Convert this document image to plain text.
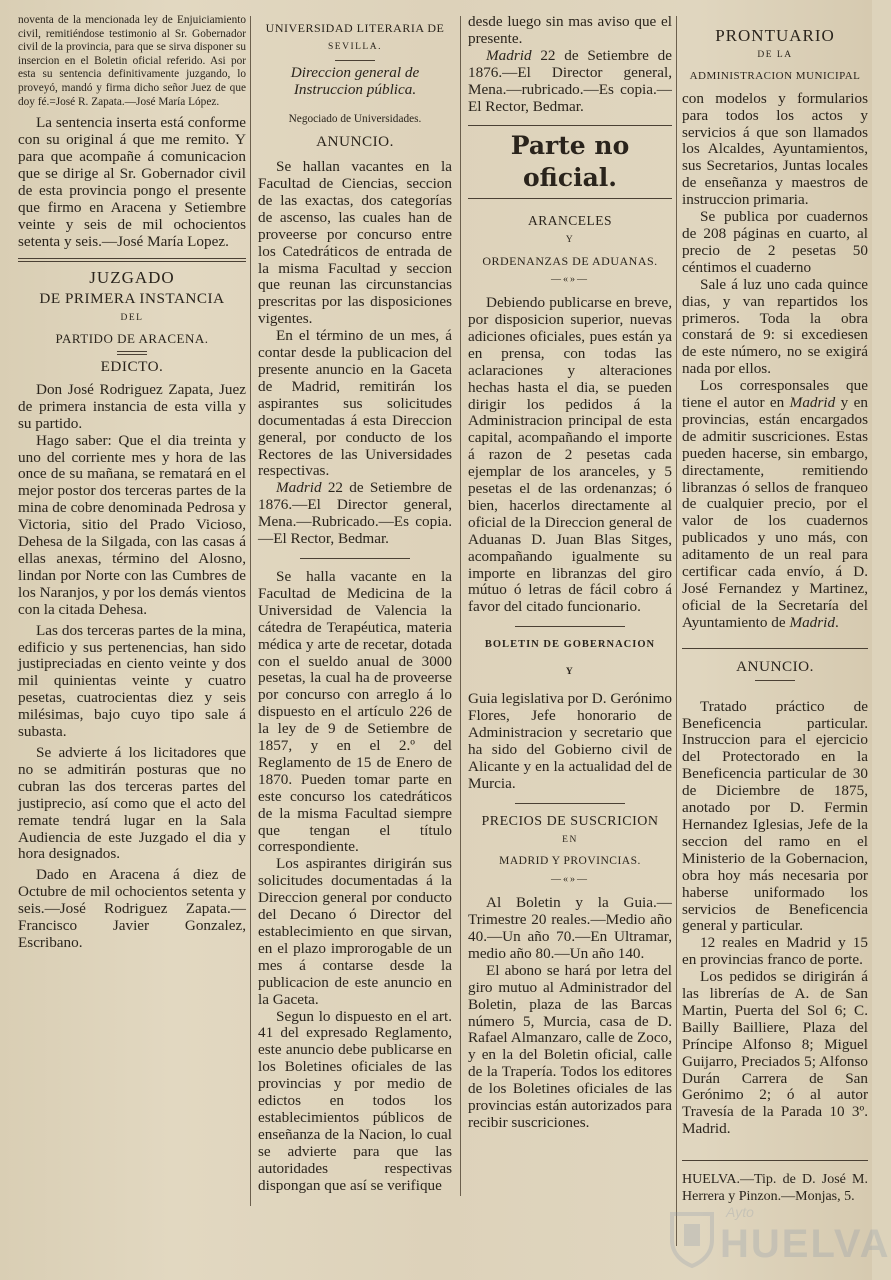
noventa de la mencionada ley de Enjuiciamiento civil, remitiéndose testimonio al Sr. Gobernador civil de la provincia, para que se sirva disponer su insercion en el Boletin oficial referido. Asi por esta su sentencia definitivamente juzgando, lo proveyó, mandó y firma dicho señor Juez de que doy fé.=José R. Zapata.—José María López.

La sentencia inserta está conforme con su original á que me remito. Y para que acompañe á comunicacion que se dirige al Sr. Gobernador civil de esta provincia pongo el presente que firmo en Aracena y Setiembre veinte y seis de mil ochocientos setenta y seis.—José María Lopez.

JUZGADO

DE PRIMERA INSTANCIA

DEL

PARTIDO DE ARACENA.

EDICTO.

Don José Rodriguez Zapata, Juez de primera instancia de esta villa y su partido.

Hago saber: Que el dia treinta y uno del corriente mes y hora de las once de su mañana, se rematará en el mejor postor dos terceras partes de la mina de cobre denominada Pedrosa y Victoria, sitio del Prado Vicioso, Dehesa de la Silgada, con las casas á ellas anexas, término del Alosno, lindan por Norte con las Cumbres de los Naranjos, y por los demás vientos con la citada Dehesa.

Las dos terceras partes de la mina, edificio y sus pertenencias, han sido justipreciadas en ciento veinte y dos mil quinientas veinte y cuatro pesetas, cuatrocientas diez y seis milésimas, bajo cuyo tipo sale á subasta.

Se advierte á los licitadores que no se admitirán posturas que no cubran las dos terceras partes del justiprecio, así como que el acto del remate tendrá lugar en la Sala Audiencia de este Juzgado el dia y hora designados.

Dado en Aracena á diez de Octubre de mil ochocientos setenta y seis.—José Rodriguez Zapata.—Francisco Javier Gonzalez, Escribano.

UNIVERSIDAD LITERARIA DE

SEVILLA.

Direccion general de Instruccion pública.

Negociado de Universidades.

ANUNCIO.

Se hallan vacantes en la Facultad de Ciencias, seccion de las exactas, dos categorías de ascenso, las cuales han de proveerse por concurso entre los Catedráticos de entrada de la misma Facultad y seccion que reunan las circunstancias prescritas por las disposiciones vigentes.

En el término de un mes, á contar desde la publicacion del presente anuncio en la Gaceta de Madrid, remitirán los aspirantes sus solicitudes documentadas á esta Direccion general, por conducto de los Rectores de las Universidades respectivas.

Madrid 22 de Setiembre de 1876.—El Director general, Mena.—Rubricado.—Es copia.—El Rector, Bedmar.

Se halla vacante en la Facultad de Medicina de la Universidad de Valencia la cátedra de Terapéutica, materia médica y arte de recetar, dotada con el sueldo anual de 3000 pesetas, la cual ha de proveerse por concurso con arreglo á lo dispuesto en el artículo 226 de la ley de 9 de Setiembre de 1857, y en el 2.º del Reglamento de 15 de Enero de 1870. Pueden tomar parte en este concurso los catedráticos de la misma Facultad siempre que tengan el título correspondiente.

Los aspirantes dirigirán sus solicitudes documentadas á la Direccion general por conducto del Decano ó Director del establecimiento en que sirvan, en el plazo improrogable de un mes á contarse desde la publicacion de este anuncio en la Gaceta.

Segun lo dispuesto en el art. 41 del expresado Reglamento, este anuncio debe publicarse en los Boletines oficiales de las provincias y por medio de edictos en todos los establecimientos públicos de enseñanza de la Nacion, lo cual se advierte para que las autoridades respectivas dispongan que así se verifique

desde luego sin mas aviso que el presente.

Madrid 22 de Setiembre de 1876.—El Director general, Mena.—rubricado.—Es copia.—El Rector, Bedmar.

Parte no oficial.

ARANCELES

Y

ORDENANZAS DE ADUANAS.

—«»—

Debiendo publicarse en breve, por disposicion superior, nuevas adiciones oficiales, pues están ya en prensa, con todas las aclaraciones y alteraciones hechas hasta el dia, se pueden dirigir los pedidos á la Administracion principal de esta capital, acompañando el importe á razon de 2 pesetas cada ejemplar de los aranceles, y 5 pesetas el de las ordenanzas; ó bien, hacerlos directamente al oficial de la Direccion general de Aduanas D. Juan Blas Sitges, acompañando igualmente su importe en libranzas del giro mútuo ó letras de fácil cobro á favor del citado funcionario.

BOLETIN DE GOBERNACION

Y

Guia legislativa por D. Gerónimo Flores, Jefe honorario de Administracion y secretario que ha sido del Gobierno civil de Alicante y en la actualidad del de Murcia.

PRECIOS DE SUSCRICION

EN

MADRID Y PROVINCIAS.

—«»—

Al Boletin y la Guia.—Trimestre 20 reales.—Medio año 40.—Un año 70.—En Ultramar, medio año 80.—Un año 140.

El abono se hará por letra del giro mutuo al Administrador del Boletin, plaza de las Barcas número 5, Murcia, casa de D. Rafael Almanzaro, calle de Zoco, y en la del Boletin oficial, calle de la Trapería. Todos los editores de los Boletines oficiales de las provincias están autorizados para recibir suscriciones.

PRONTUARIO

DE LA

ADMINISTRACION MUNICIPAL

con modelos y formularios para todos los actos y servicios á que son llamados los Alcaldes, Ayuntamientos, sus Secretarios, Juntas locales de enseñanza y maestros de instruccion primaria.

Se publica por cuadernos de 208 páginas en cuarto, al precio de 2 pesetas 50 céntimos el cuaderno

Sale á luz uno cada quince dias, y van repartidos los primeros. Toda la obra constará de 9: si excediesen de este número, no se exigirá nada por ellos.

Los corresponsales que tiene el autor en Madrid y en provincias, están encargados de admitir suscriciones. Estas pueden hacerse, sin embargo, directamente, remitiendo libranzas ó sellos de franqueo de cualquier precio, por el valor de los cuadernos publicados y uno más, con aditamento de un real para certificar cada envío, á D. José Fernandez y Martinez, oficial de la Secretaría del Ayuntamiento de Madrid.

ANUNCIO.

Tratado práctico de Beneficencia particular. Instruccion para el ejercicio del Protectorado en la Beneficencia particular de 30 de Diciembre de 1875, anotado por D. Fermin Hernandez Iglesias, Jefe de la seccion del ramo en el Ministerio de la Gobernacion, obra hoy más necesaria por haberse uniformado los servicios de Beneficencia general y particular.

12 reales en Madrid y 15 en provincias franco de porte.

Los pedidos se dirigirán á las librerías de A. de San Martin, Puerta del Sol 6; C. Bailly Bailliere, Plaza del Príncipe Alfonso 8; Miguel Guijarro, Preciados 5; Alfonso Durán Carrera de San Gerónimo 2; ó al autor Travesía de la Parada 10 3º. Madrid.

HUELVA.—Tip. de D. José M. Herrera y Pinzon.—Monjas, 5.

Ayto
HUELVA
